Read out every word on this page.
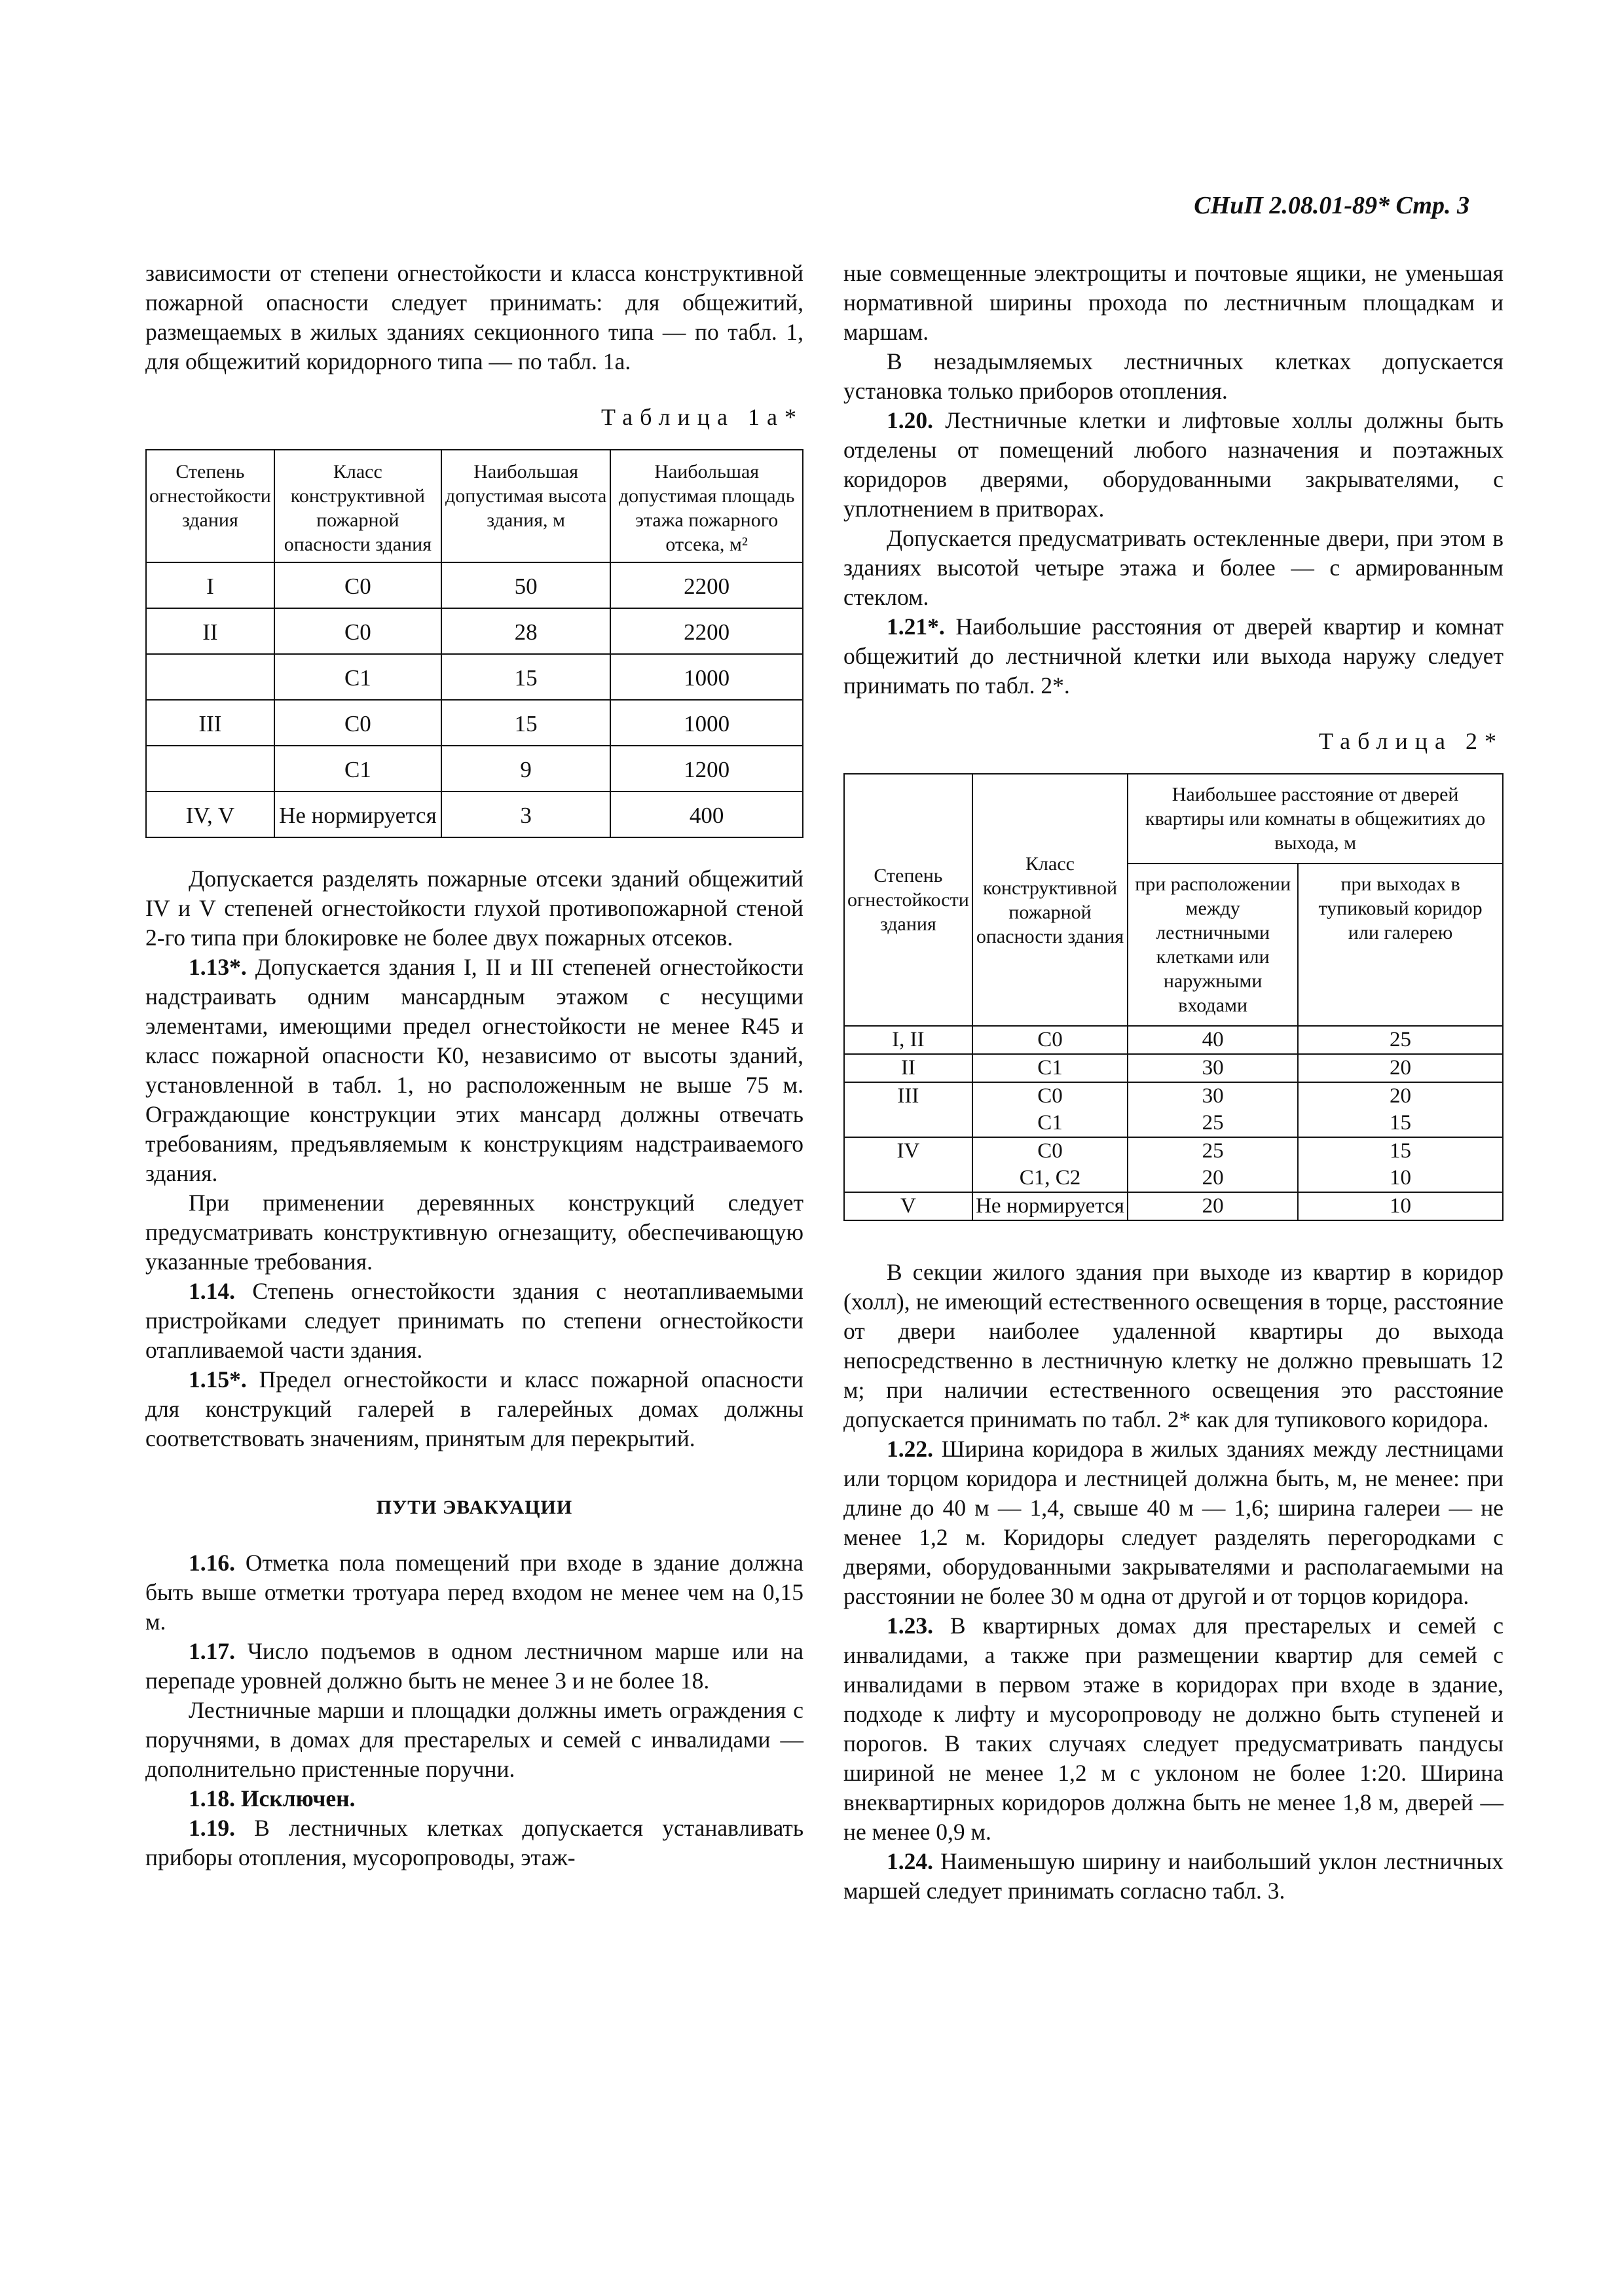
СНиП 2.08.01-89* Стр. 3

зависимости от степени огнестойкости и класса конструктивной пожарной опасности следует принимать: для общежитий, размещаемых в жилых зданиях секционного типа — по табл. 1, для общежитий коридорного типа — по табл. 1а.

Таблица 1а*
Степень огнестойкости здания	Класс конструктивной пожарной опасности здания	Наибольшая допустимая высота здания, м	Наибольшая допустимая площадь этажа пожарного отсека, м²
I	C0	50	2200
II	C0	28	2200
	C1	15	1000
III	C0	15	1000
	C1	9	1200
IV, V	Не нормируется	3	400

Допускается разделять пожарные отсеки зданий общежитий IV и V степеней огнестойкости глухой противопожарной стеной 2-го типа при блокировке не более двух пожарных отсеков.

1.13*. Допускается здания I, II и III степеней огнестойкости надстраивать одним мансардным этажом с несущими элементами, имеющими предел огнестойкости не менее R45 и класс пожарной опасности К0, независимо от высоты зданий, установленной в табл. 1, но расположенным не выше 75 м. Ограждающие конструкции этих мансард должны отвечать требованиям, предъявляемым к конструкциям надстраиваемого здания.

При применении деревянных конструкций следует предусматривать конструктивную огнезащиту, обеспечивающую указанные требования.

1.14. Степень огнестойкости здания с неотапливаемыми пристройками следует принимать по степени огнестойкости отапливаемой части здания.

1.15*. Предел огнестойкости и класс пожарной опасности для конструкций галерей в галерейных домах должны соответствовать значениям, принятым для перекрытий.

ПУТИ ЭВАКУАЦИИ

1.16. Отметка пола помещений при входе в здание должна быть выше отметки тротуара перед входом не менее чем на 0,15 м.

1.17. Число подъемов в одном лестничном марше или на перепаде уровней должно быть не менее 3 и не более 18.

Лестничные марши и площадки должны иметь ограждения с поручнями, в домах для престарелых и семей с инвалидами — дополнительно пристенные поручни.

1.18. Исключен.

1.19. В лестничных клетках допускается устанавливать приборы отопления, мусоропроводы, этаж-

ные совмещенные электрощиты и почтовые ящики, не уменьшая нормативной ширины прохода по лестничным площадкам и маршам.

В незадымляемых лестничных клетках допускается установка только приборов отопления.

1.20. Лестничные клетки и лифтовые холлы должны быть отделены от помещений любого назначения и поэтажных коридоров дверями, оборудованными закрывателями, с уплотнением в притворах.

Допускается предусматривать остекленные двери, при этом в зданиях высотой четыре этажа и более — с армированным стеклом.

1.21*. Наибольшие расстояния от дверей квартир и комнат общежитий до лестничной клетки или выхода наружу следует принимать по табл. 2*.

Таблица 2*
Степень огнестойкости здания	Класс конструктивной пожарной опасности здания	Наибольшее расстояние от дверей квартиры или комнаты в общежитиях до выхода, м	
		при расположении между лестничными клетками или наружными входами	при выходах в тупиковый коридор или галерею
I, II	C0	40	25
II	C1	30	20
III	C0	30	20
	C1	25	15
IV	C0	25	15
	C1, C2	20	10
V	Не нормируется	20	10

В секции жилого здания при выходе из квартир в коридор (холл), не имеющий естественного освещения в торце, расстояние от двери наиболее удаленной квартиры до выхода непосредственно в лестничную клетку не должно превышать 12 м; при наличии естественного освещения это расстояние допускается принимать по табл. 2* как для тупикового коридора.

1.22. Ширина коридора в жилых зданиях между лестницами или торцом коридора и лестницей должна быть, м, не менее: при длине до 40 м — 1,4, свыше 40 м — 1,6; ширина галереи — не менее 1,2 м. Коридоры следует разделять перегородками с дверями, оборудованными закрывателями и располагаемыми на расстоянии не более 30 м одна от другой и от торцов коридора.

1.23. В квартирных домах для престарелых и семей с инвалидами, а также при размещении квартир для семей с инвалидами в первом этаже в коридорах при входе в здание, подходе к лифту и мусоропроводу не должно быть ступеней и порогов. В таких случаях следует предусматривать пандусы шириной не менее 1,2 м с уклоном не более 1:20. Ширина внеквартирных коридоров должна быть не менее 1,8 м, дверей — не менее 0,9 м.

1.24. Наименьшую ширину и наибольший уклон лестничных маршей следует принимать согласно табл. 3.
